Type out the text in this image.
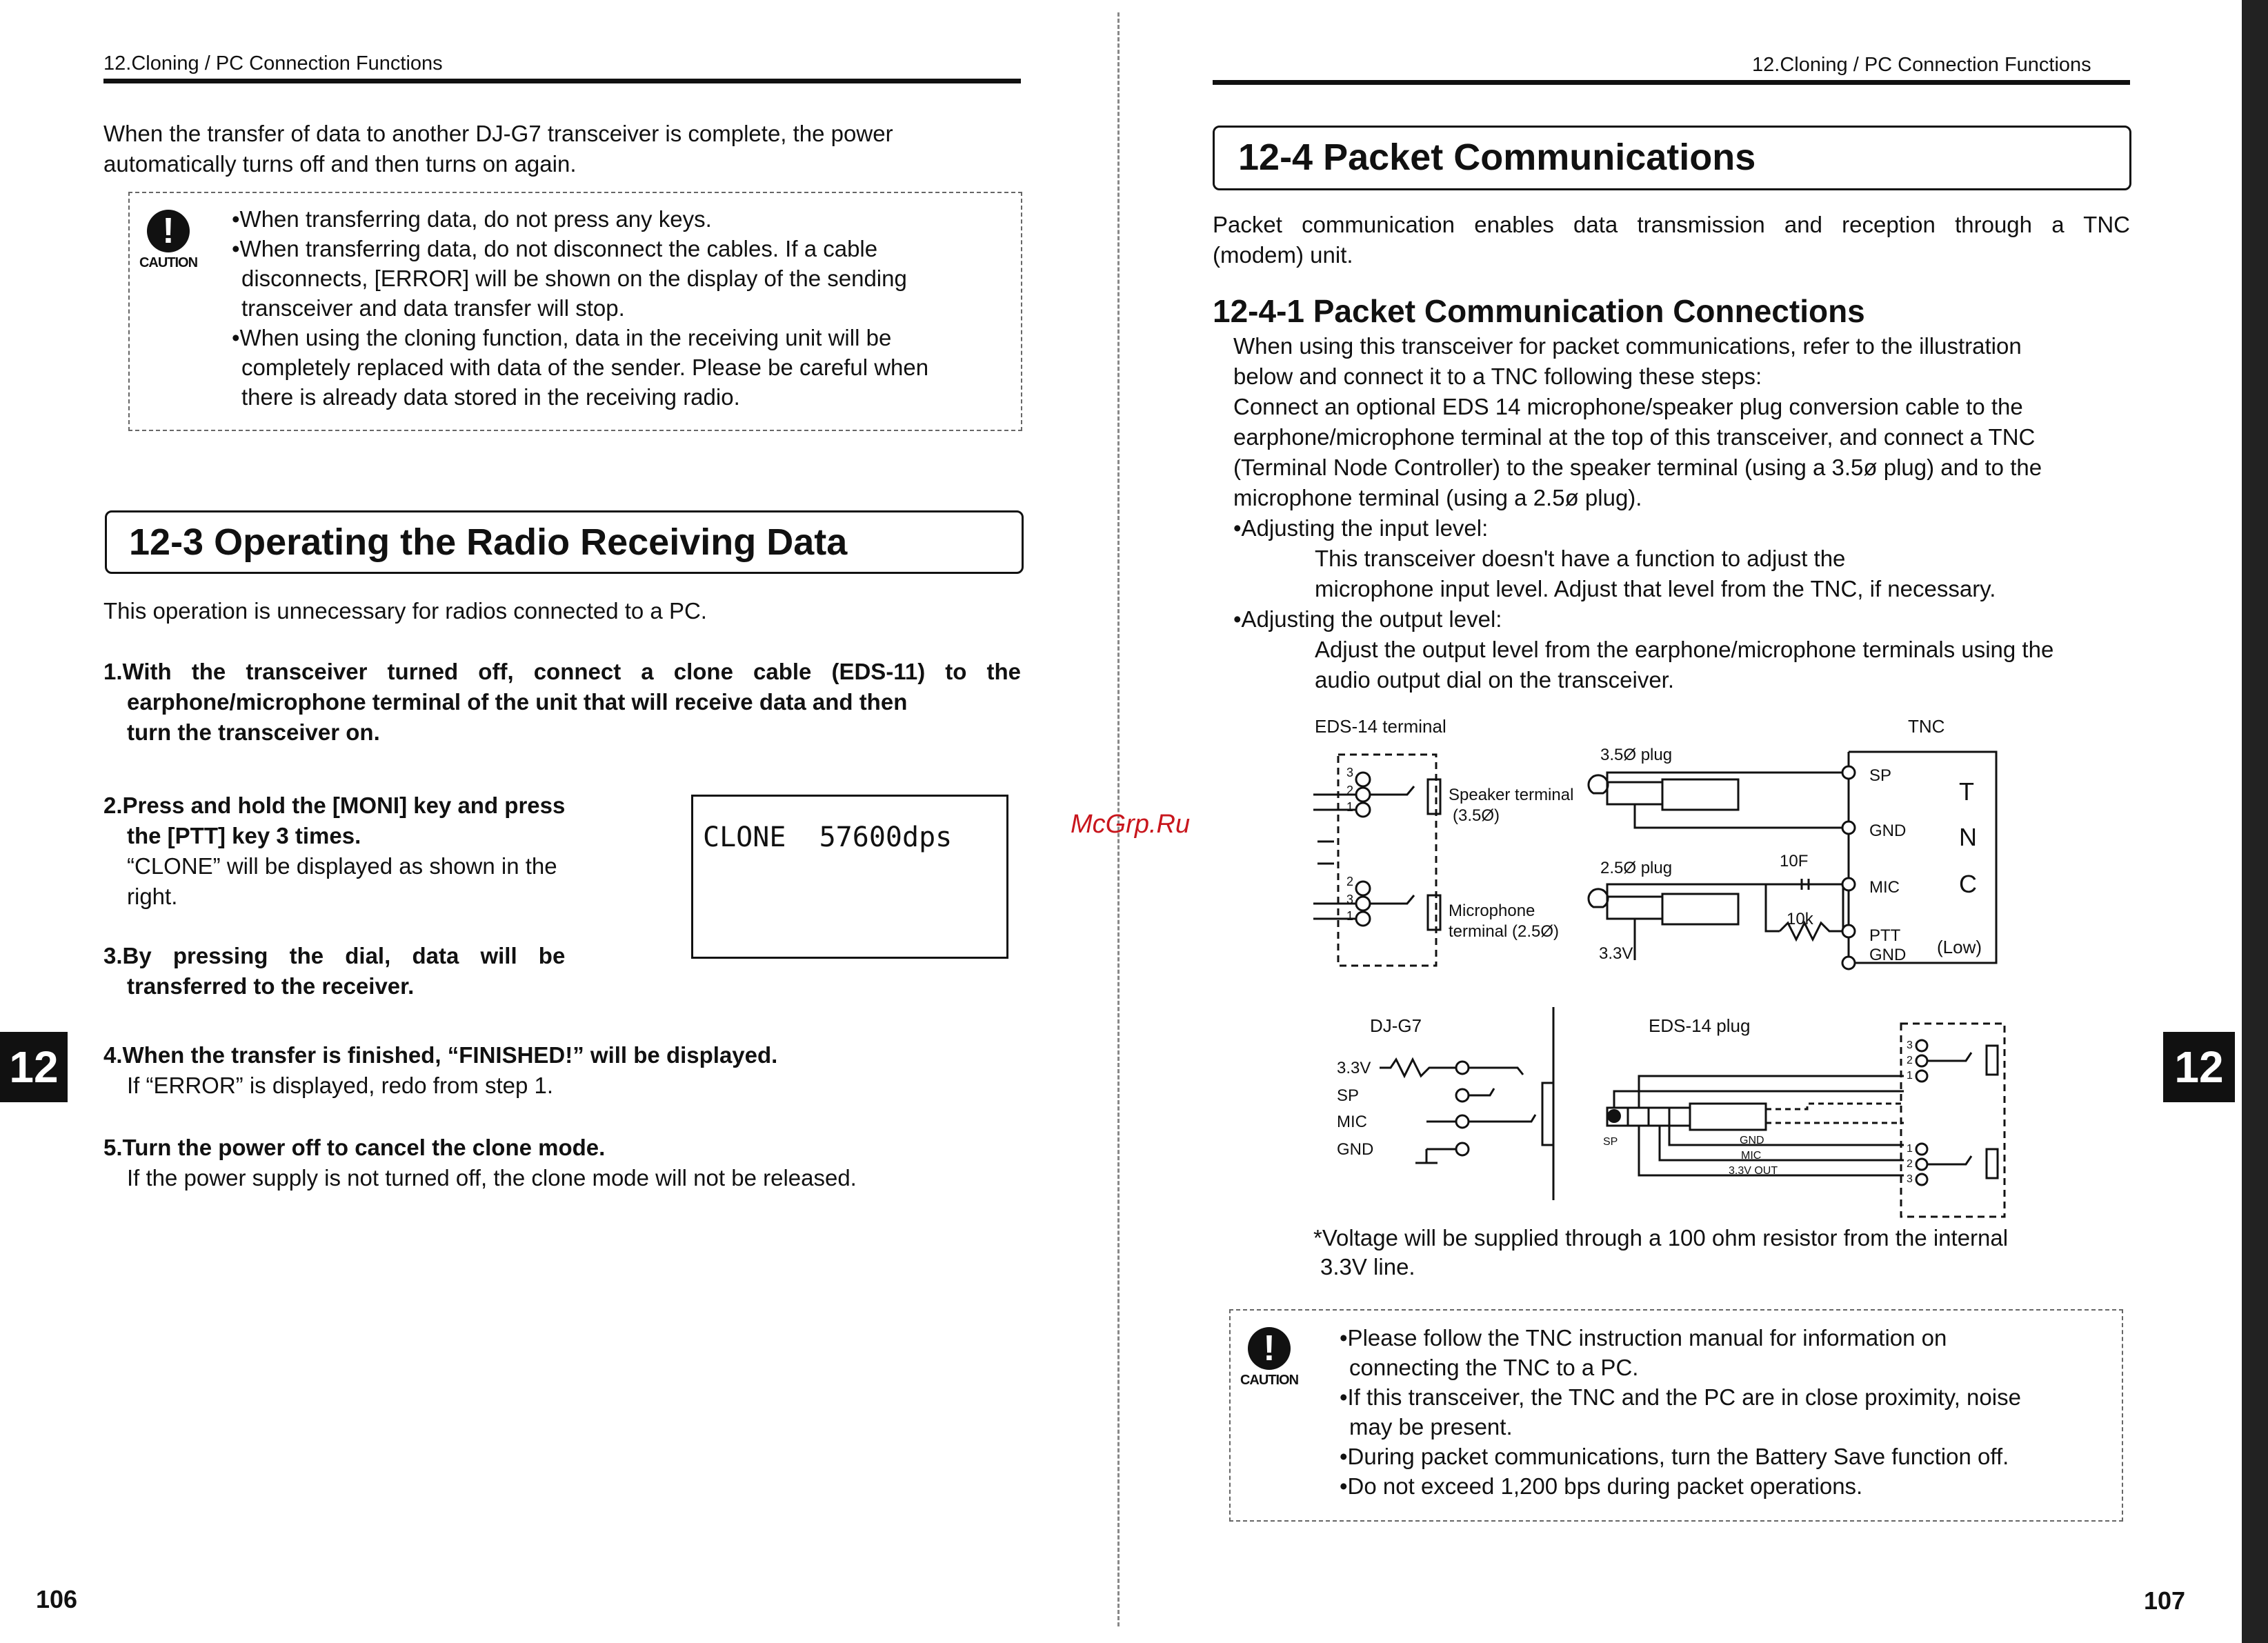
12.Cloning / PC Connection Functions
When the transfer of data to another DJ-G7 transceiver is complete, the power automatically turns off and then turns on again.
!
CAUTION
•When transferring data, do not press any keys.
•When transferring data, do not disconnect the cables. If a cable
disconnects, [ERROR] will be shown on the display of the sending
transceiver and data transfer will stop.
•When using the cloning function, data in the receiving unit will be
completely replaced with data of the sender. Please be careful when
there is already data stored in the receiving radio.
12-3 Operating the Radio Receiving Data
This operation is unnecessary for radios connected to a PC.
1.With the transceiver turned off, connect a clone cable (EDS-11) to the
earphone/microphone terminal of the unit that will receive data and then
turn the transceiver on.
2.Press and hold the [MONI] key and press
the [PTT] key 3 times.
“CLONE” will be displayed as shown in the
right.
CLONE  57600dps
3.By pressing the dial, data will be
transferred to the receiver.
4.When the transfer is finished, “FINISHED!” will be displayed.
If “ERROR” is displayed, redo from step 1.
5.Turn the power off to cancel the clone mode.
If the power supply is not turned off, the clone mode will not be released.
12
106
McGrp.Ru
12.Cloning / PC Connection Functions
12-4 Packet Communications
Packet communication enables data transmission and reception through a TNC
(modem) unit.
12-4-1 Packet Communication Connections
When using this transceiver for packet communications, refer to the illustration
below and connect it to a TNC following these steps:
Connect an optional EDS 14 microphone/speaker plug conversion cable to the
earphone/microphone terminal at the top of this transceiver, and connect a TNC
(Terminal Node Controller) to the speaker terminal (using a 3.5ø plug) and to the
microphone terminal (using a 2.5ø plug).
•Adjusting the input level:
This transceiver doesn't have a function to adjust the
microphone input level. Adjust that level from the TNC, if necessary.
•Adjusting the output level:
Adjust the output level from the earphone/microphone terminals using the
audio output dial on the transceiver.
EDS-14 terminal	TNC
3
2
1
2
3
1
Speaker terminal
(3.5Ø)
Microphone
terminal (2.5Ø)
3.5Ø plug
2.5Ø plug
3.3V
10F
10k
SP
GND
MIC
PTT
GND (Low)
T
N
C
DJ-G7	EDS-14 plug
3.3V
SP
MIC
GND	SP	GND
MIC
3.3V OUT
3
2
1
1
2
3
*Voltage will be supplied through a 100 ohm resistor from the internal
3.3V line.
!
CAUTION
•Please follow the TNC instruction manual for information on
connecting the TNC to a PC.
•If this transceiver, the TNC and the PC are in close proximity, noise
may be present.
•During packet communications, turn the Battery Save function off.
•Do not exceed 1,200 bps during packet operations.
12
107
